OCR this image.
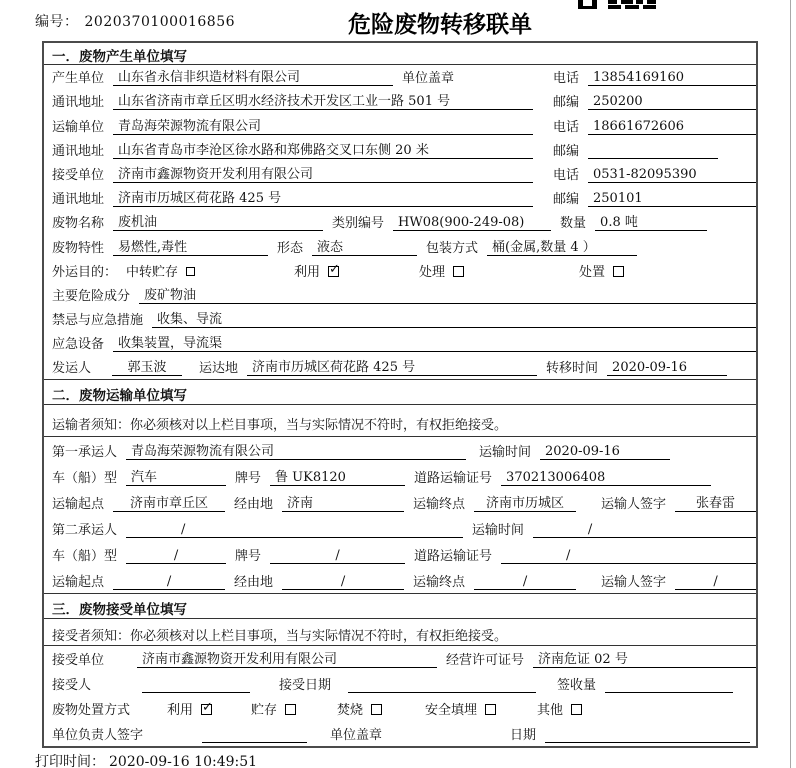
编号： 2020370100016856	危险废物转移联单
一．废物产生单位填写
产生单位	山东省永信非织造材料有限公司	单位盖章	电话	13854169160
通讯地址	山东省济南市章丘区明水经济技术开发区工业一路 501 号	邮编	250200
运输单位	青岛海荣源物流有限公司	电话	18661672606
通讯地址	山东省青岛市李沧区徐水路和郑佛路交叉口东侧 20 米	邮编
接受单位	济南市鑫源物资开发利用有限公司	电话	0531-82095390
通讯地址	济南市历城区荷花路 425 号	邮编	250101
废物名称	废机油	类别编号	HW08(900-249-08)	数量	0.8 吨
废物特性	易燃性,毒性	形态	液态	包装方式	桶(金属,数量 4 ）
外运目的： 中转贮存	利用 ✓	处理	处置
主要危险成分	废矿物油
禁忌与应急措施	收集、导流
应急设备	收集装置，导流渠
发运人	郭玉波	运达地	济南市历城区荷花路 425 号	转移时间	2020-09-16
二．废物运输单位填写
运输者须知：你必须核对以上栏目事项，当与实际情况不符时，有权拒绝接受。
第一承运人	青岛海荣源物流有限公司	运输时间	2020-09-16
车（船）型	汽车	牌号	鲁 UK8120	道路运输证号	370213006408
运输起点	济南市章丘区	经由地	济南	运输终点	济南市历城区	运输人签字	张春雷
第二承运人	/	运输时间	/
车（船）型	/	牌号	/	道路运输证号	/
运输起点	/	经由地	/	运输终点	/	运输人签字	/
三．废物接受单位填写
接受者须知：你必须核对以上栏目事项，当与实际情况不符时，有权拒绝接受。
接受单位	济南市鑫源物资开发利用有限公司	经营许可证号	济南危证 02 号
接受人	接受日期	签收量
废物处置方式	利用 ✓	贮存	焚烧	安全填埋	其他
单位负责人签字	单位盖章	日期
打印时间： 2020-09-16 10:49:51
